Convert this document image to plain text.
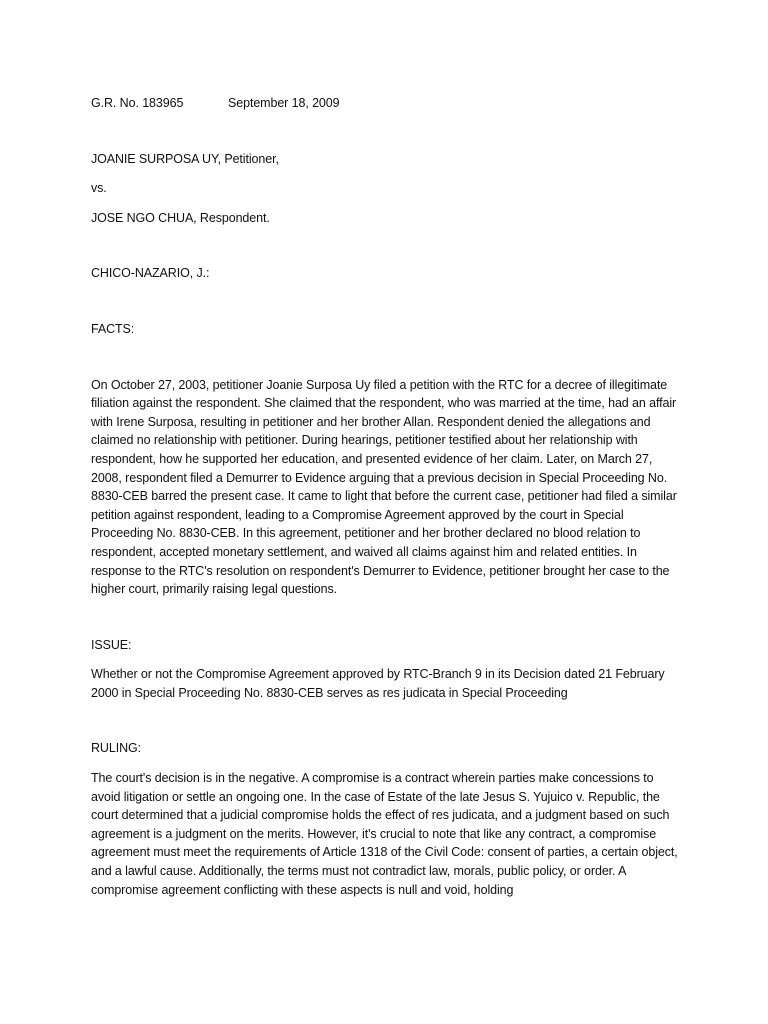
G.R. No. 183965	September 18, 2009

JOANIE SURPOSA UY, Petitioner,

vs.

JOSE NGO CHUA, Respondent.

CHICO-NAZARIO, J.:

FACTS:

On October 27, 2003, petitioner Joanie Surposa Uy filed a petition with the RTC for a decree of illegitimate filiation against the respondent. She claimed that the respondent, who was married at the time, had an affair with Irene Surposa, resulting in petitioner and her brother Allan. Respondent denied the allegations and claimed no relationship with petitioner. During hearings, petitioner testified about her relationship with respondent, how he supported her education, and presented evidence of her claim. Later, on March 27, 2008, respondent filed a Demurrer to Evidence arguing that a previous decision in Special Proceeding No. 8830-CEB barred the present case. It came to light that before the current case, petitioner had filed a similar petition against respondent, leading to a Compromise Agreement approved by the court in Special Proceeding No. 8830-CEB. In this agreement, petitioner and her brother declared no blood relation to respondent, accepted monetary settlement, and waived all claims against him and related entities. In response to the RTC's resolution on respondent's Demurrer to Evidence, petitioner brought her case to the higher court, primarily raising legal questions.

ISSUE:

Whether or not the Compromise Agreement approved by RTC-Branch 9 in its Decision dated 21 February 2000 in Special Proceeding No. 8830-CEB serves as res judicata in Special Proceeding

RULING:

The court's decision is in the negative. A compromise is a contract wherein parties make concessions to avoid litigation or settle an ongoing one. In the case of Estate of the late Jesus S. Yujuico v. Republic, the court determined that a judicial compromise holds the effect of res judicata, and a judgment based on such agreement is a judgment on the merits. However, it's crucial to note that like any contract, a compromise agreement must meet the requirements of Article 1318 of the Civil Code: consent of parties, a certain object, and a lawful cause. Additionally, the terms must not contradict law, morals, public policy, or order. A compromise agreement conflicting with these aspects is null and void, holding
